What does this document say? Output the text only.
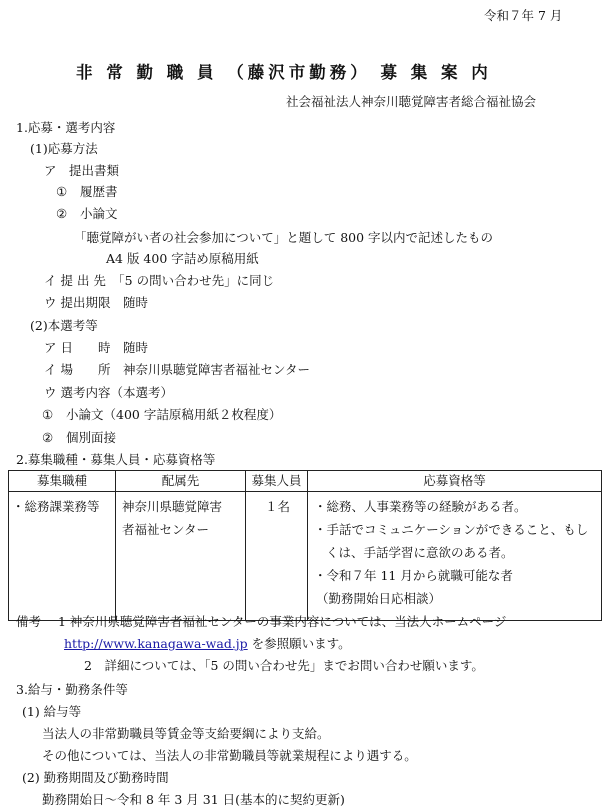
令和７年 7 月
非 常 勤 職 員 （藤沢市勤務） 募 集 案 内
社会福祉法人神奈川聴覚障害者総合福祉協会
1.応募・選考内容
(1)応募方法
ア　提出書類
① 履歴書
② 小論文
「聴覚障がい者の社会参加について」と題して 800 字以内で記述したもの
A4 版 400 字詰め原稿用紙
イ 提 出 先　「5 の問い合わせ先」に同じ
ウ 提出期限　随時
(2)本選考等
ア 日　　時　随時
イ 場　　所　神奈川県聴覚障害者福祉センター
ウ 選考内容（本選考）
① 小論文（400 字詰原稿用紙２枚程度）
② 個別面接
2.募集職種・募集人員・応募資格等
募集職種	配属先	募集人員	応募資格等

・総務課業務等	神奈川県聴覚障害
者福祉センター	１名	・総務、人事業務等の経験がある者。
・手話でコミュニケーションができること、もし
くは、手話学習に意欲のある者。
・令和７年 11 月から就職可能な者
（勤務開始日応相談）
備考 1 神奈川県聴覚障害者福祉センターの事業内容については、当法人ホームページ
http://www.kanagawa-wad.jp を参照願います。
2　詳細については、「5 の問い合わせ先」までお問い合わせ願います。
3.給与・勤務条件等
(1) 給与等
当法人の非常勤職員等賃金等支給要綱により支給。
その他については、当法人の非常勤職員等就業規程により遇する。
(2) 勤務期間及び勤務時間
勤務開始日～令和 8 年 3 月 31 日(基本的に契約更新)
